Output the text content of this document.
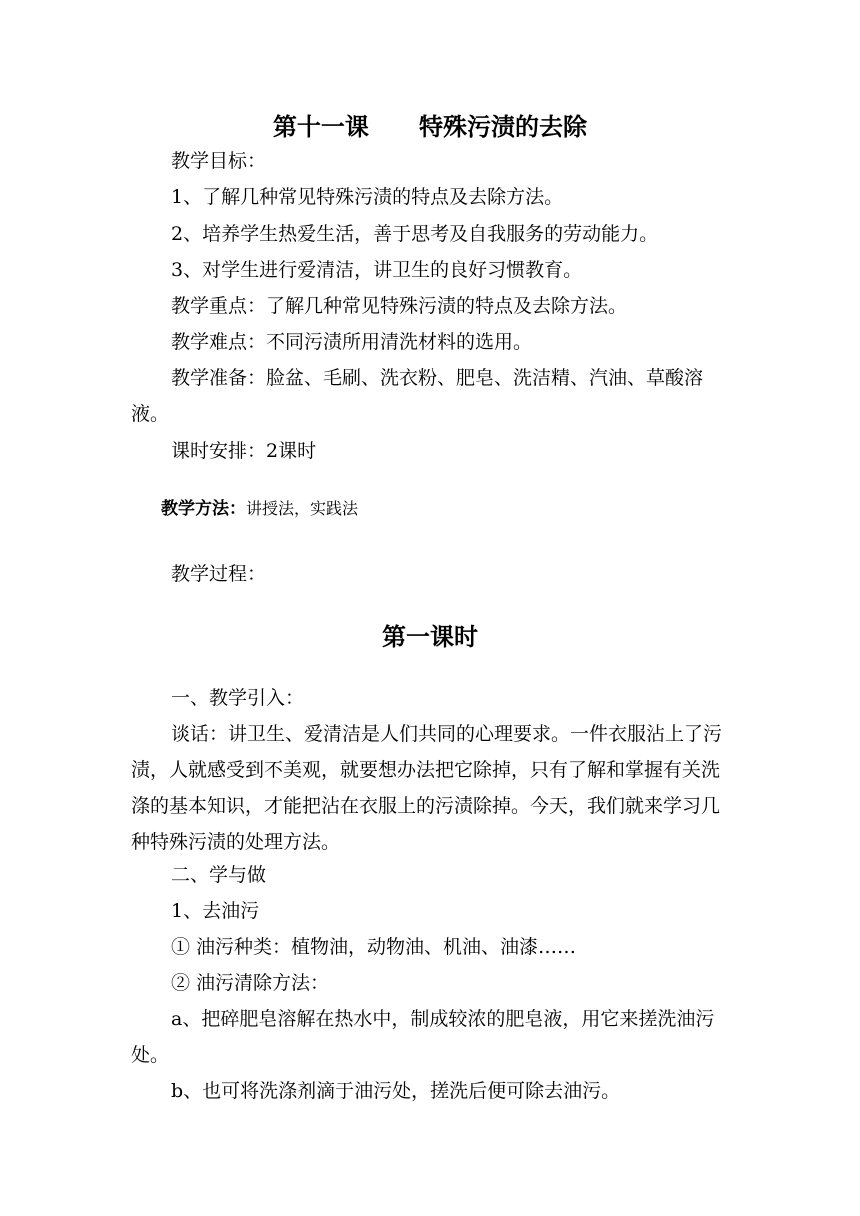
第十一课      特殊污渍的去除
教学目标：
1、了解几种常见特殊污渍的特点及去除方法。
2、培养学生热爱生活，善于思考及自我服务的劳动能力。
3、对学生进行爱清洁，讲卫生的良好习惯教育。
教学重点：了解几种常见特殊污渍的特点及去除方法。
教学难点：不同污渍所用清洗材料的选用。
教学准备：脸盆、毛刷、洗衣粉、肥皂、洗洁精、汽油、草酸溶液。
课时安排：2课时
教学方法：讲授法，实践法
教学过程：
第一课时
一、教学引入：
谈话：讲卫生、爱清洁是人们共同的心理要求。一件衣服沾上了污渍，人就感受到不美观，就要想办法把它除掉，只有了解和掌握有关洗涤的基本知识，才能把沾在衣服上的污渍除掉。今天，我们就来学习几种特殊污渍的处理方法。
二、学与做
1、去油污
① 油污种类：植物油，动物油、机油、油漆……
② 油污清除方法：
a、把碎肥皂溶解在热水中，制成较浓的肥皂液，用它来搓洗油污处。
b、也可将洗涤剂滴于油污处，搓洗后便可除去油污。
